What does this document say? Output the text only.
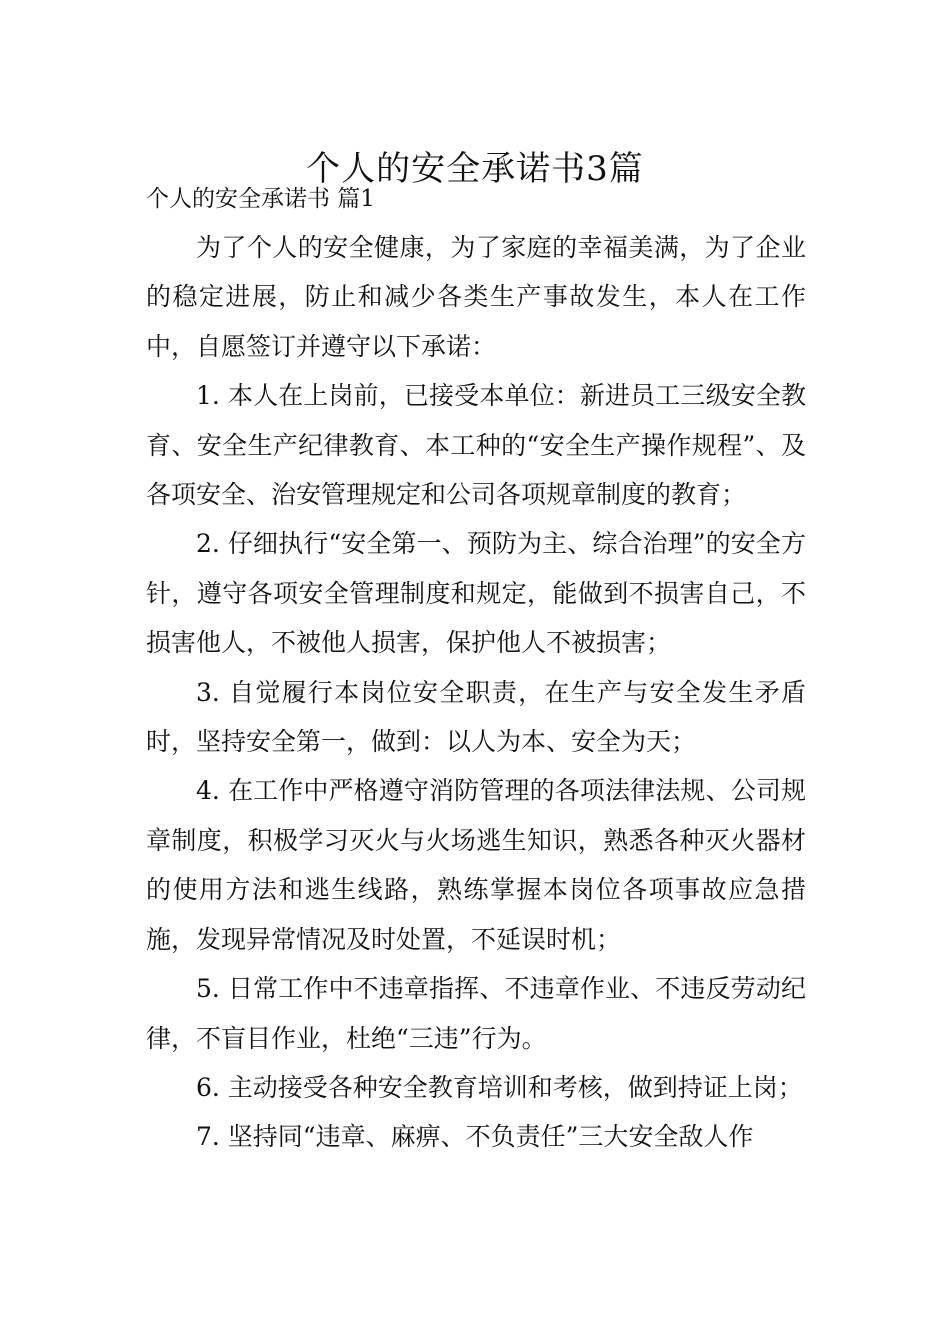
个人的安全承诺书3篇
个人的安全承诺书 篇1

为了个人的安全健康，为了家庭的幸福美满，为了企业的稳定进展，防止和减少各类生产事故发生，本人在工作中，自愿签订并遵守以下承诺：

1. 本人在上岗前，已接受本单位：新进员工三级安全教育、安全生产纪律教育、本工种的“安全生产操作规程”、及各项安全、治安管理规定和公司各项规章制度的教育；

2. 仔细执行“安全第一、预防为主、综合治理”的安全方针，遵守各项安全管理制度和规定，能做到不损害自己，不损害他人，不被他人损害，保护他人不被损害；

3. 自觉履行本岗位安全职责，在生产与安全发生矛盾时，坚持安全第一，做到：以人为本、安全为天；

4. 在工作中严格遵守消防管理的各项法律法规、公司规章制度，积极学习灭火与火场逃生知识，熟悉各种灭火器材的使用方法和逃生线路，熟练掌握本岗位各项事故应急措施，发现异常情况及时处置，不延误时机；

5. 日常工作中不违章指挥、不违章作业、不违反劳动纪律，不盲目作业，杜绝“三违”行为。

6. 主动接受各种安全教育培训和考核，做到持证上岗；

7. 坚持同“违章、麻痹、不负责任”三大安全敌人作
